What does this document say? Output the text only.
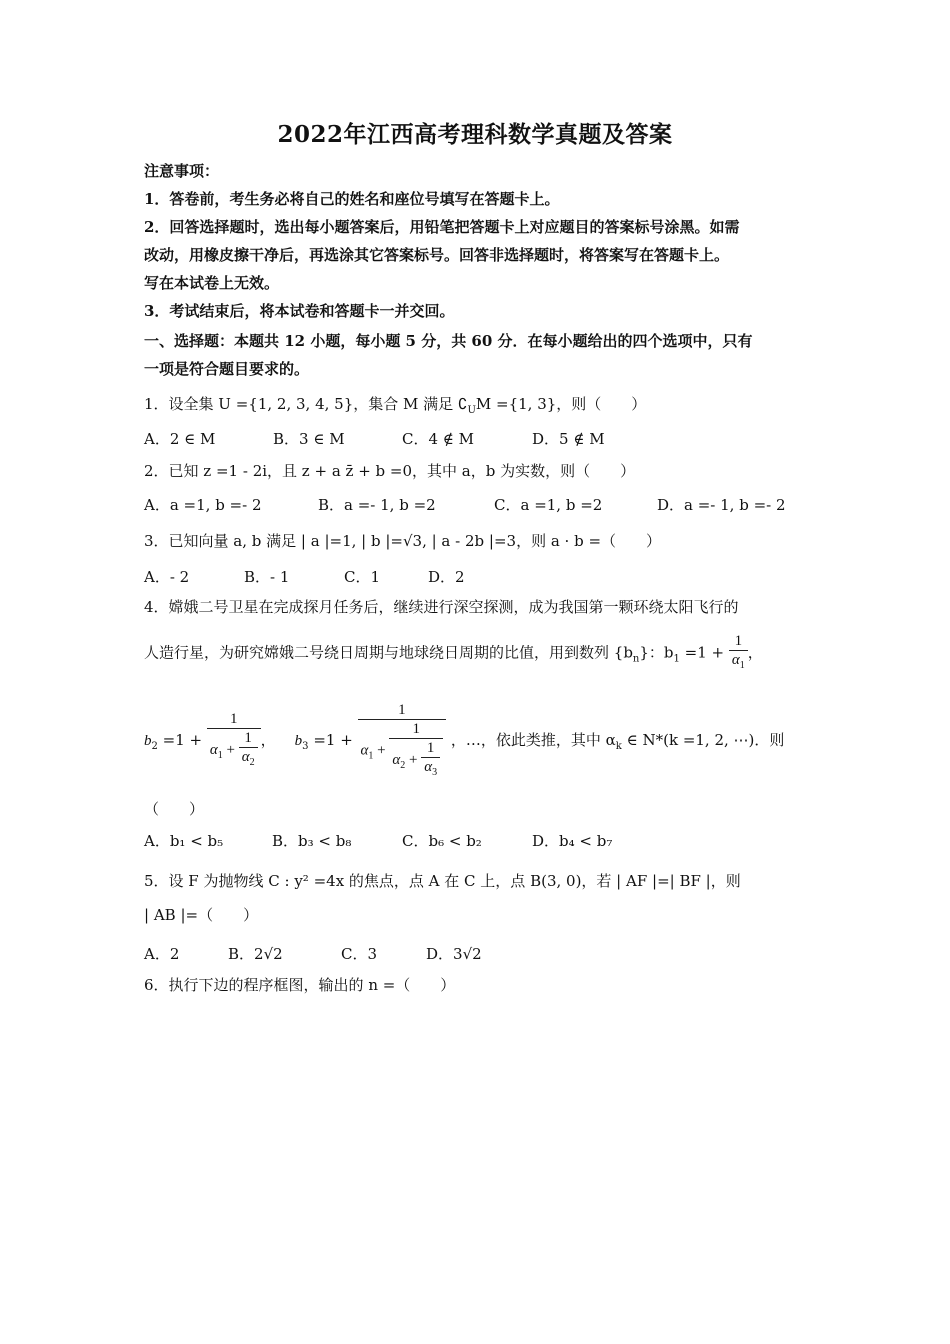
2022年江西高考理科数学真题及答案
注意事项：
1．答卷前，考生务必将自己的姓名和座位号填写在答题卡上。
2．回答选择题时，选出每小题答案后，用铅笔把答题卡上对应题目的答案标号涂黑。如需
改动，用橡皮擦干净后，再选涂其它答案标号。回答非选择题时，将答案写在答题卡上。
写在本试卷上无效。
3．考试结束后，将本试卷和答题卡一并交回。
一、选择题：本题共 12 小题，每小题 5 分，共 60 分．在每小题给出的四个选项中，只有
一项是符合题目要求的。
1．设全集 U ={1, 2, 3, 4, 5}，集合 M 满足 $∁_UM =\{1$, 3}，则（　　）
A．2 ∈ M	B．3 ∈ M	C．4 ∉ M	D．5 ∉ M
2．已知 z =1 - 2i，且 z + a z̄ + b =0，其中 a，b 为实数，则（　　）
A．a =1, b =- 2	B．a =- 1, b =2	C．a =1, b =2	D．a =- 1, b =- 2
3．已知向量 a, b 满足 | a |=1, | b |=√3, | a - 2b |=3，则 a · b =（　　）
A．- 2	B．- 1	C．1	D．2
4．嫦娥二号卫星在完成探月任务后，继续进行深空探测，成为我国第一颗环绕太阳飞行的
人造行星，为研究嫦娥二号绕日周期与地球绕日周期的比值，用到数列 $\{b_n\}$：$b_1 =1 + \frac{1}{\alpha_1}$ ，
$b_2 =1 + \frac{1}{\alpha_1 + \frac{1}{\alpha_2}}$ ， $b_3 =1$ +
1
$\alpha_1 + \frac{1}{\alpha_2 + \frac{1}{\alpha_3}}$ ，…，依此类推，其中 $\alpha_k$ ∈ N*(k =1, 2, ⋯)．则
（　　）
A．b₁ < b₅	B．b₃ < b₈	C．b₆ < b₂	D．b₄ < b₇
5．设 F 为抛物线 C : y² =4x 的焦点，点 A 在 C 上，点 B(3, 0)，若 | AF |=| BF |，则
| AB |=（　　）
A．2	B．2√2	C．3	D．3√2
6．执行下边的程序框图，输出的 n =（　　）
